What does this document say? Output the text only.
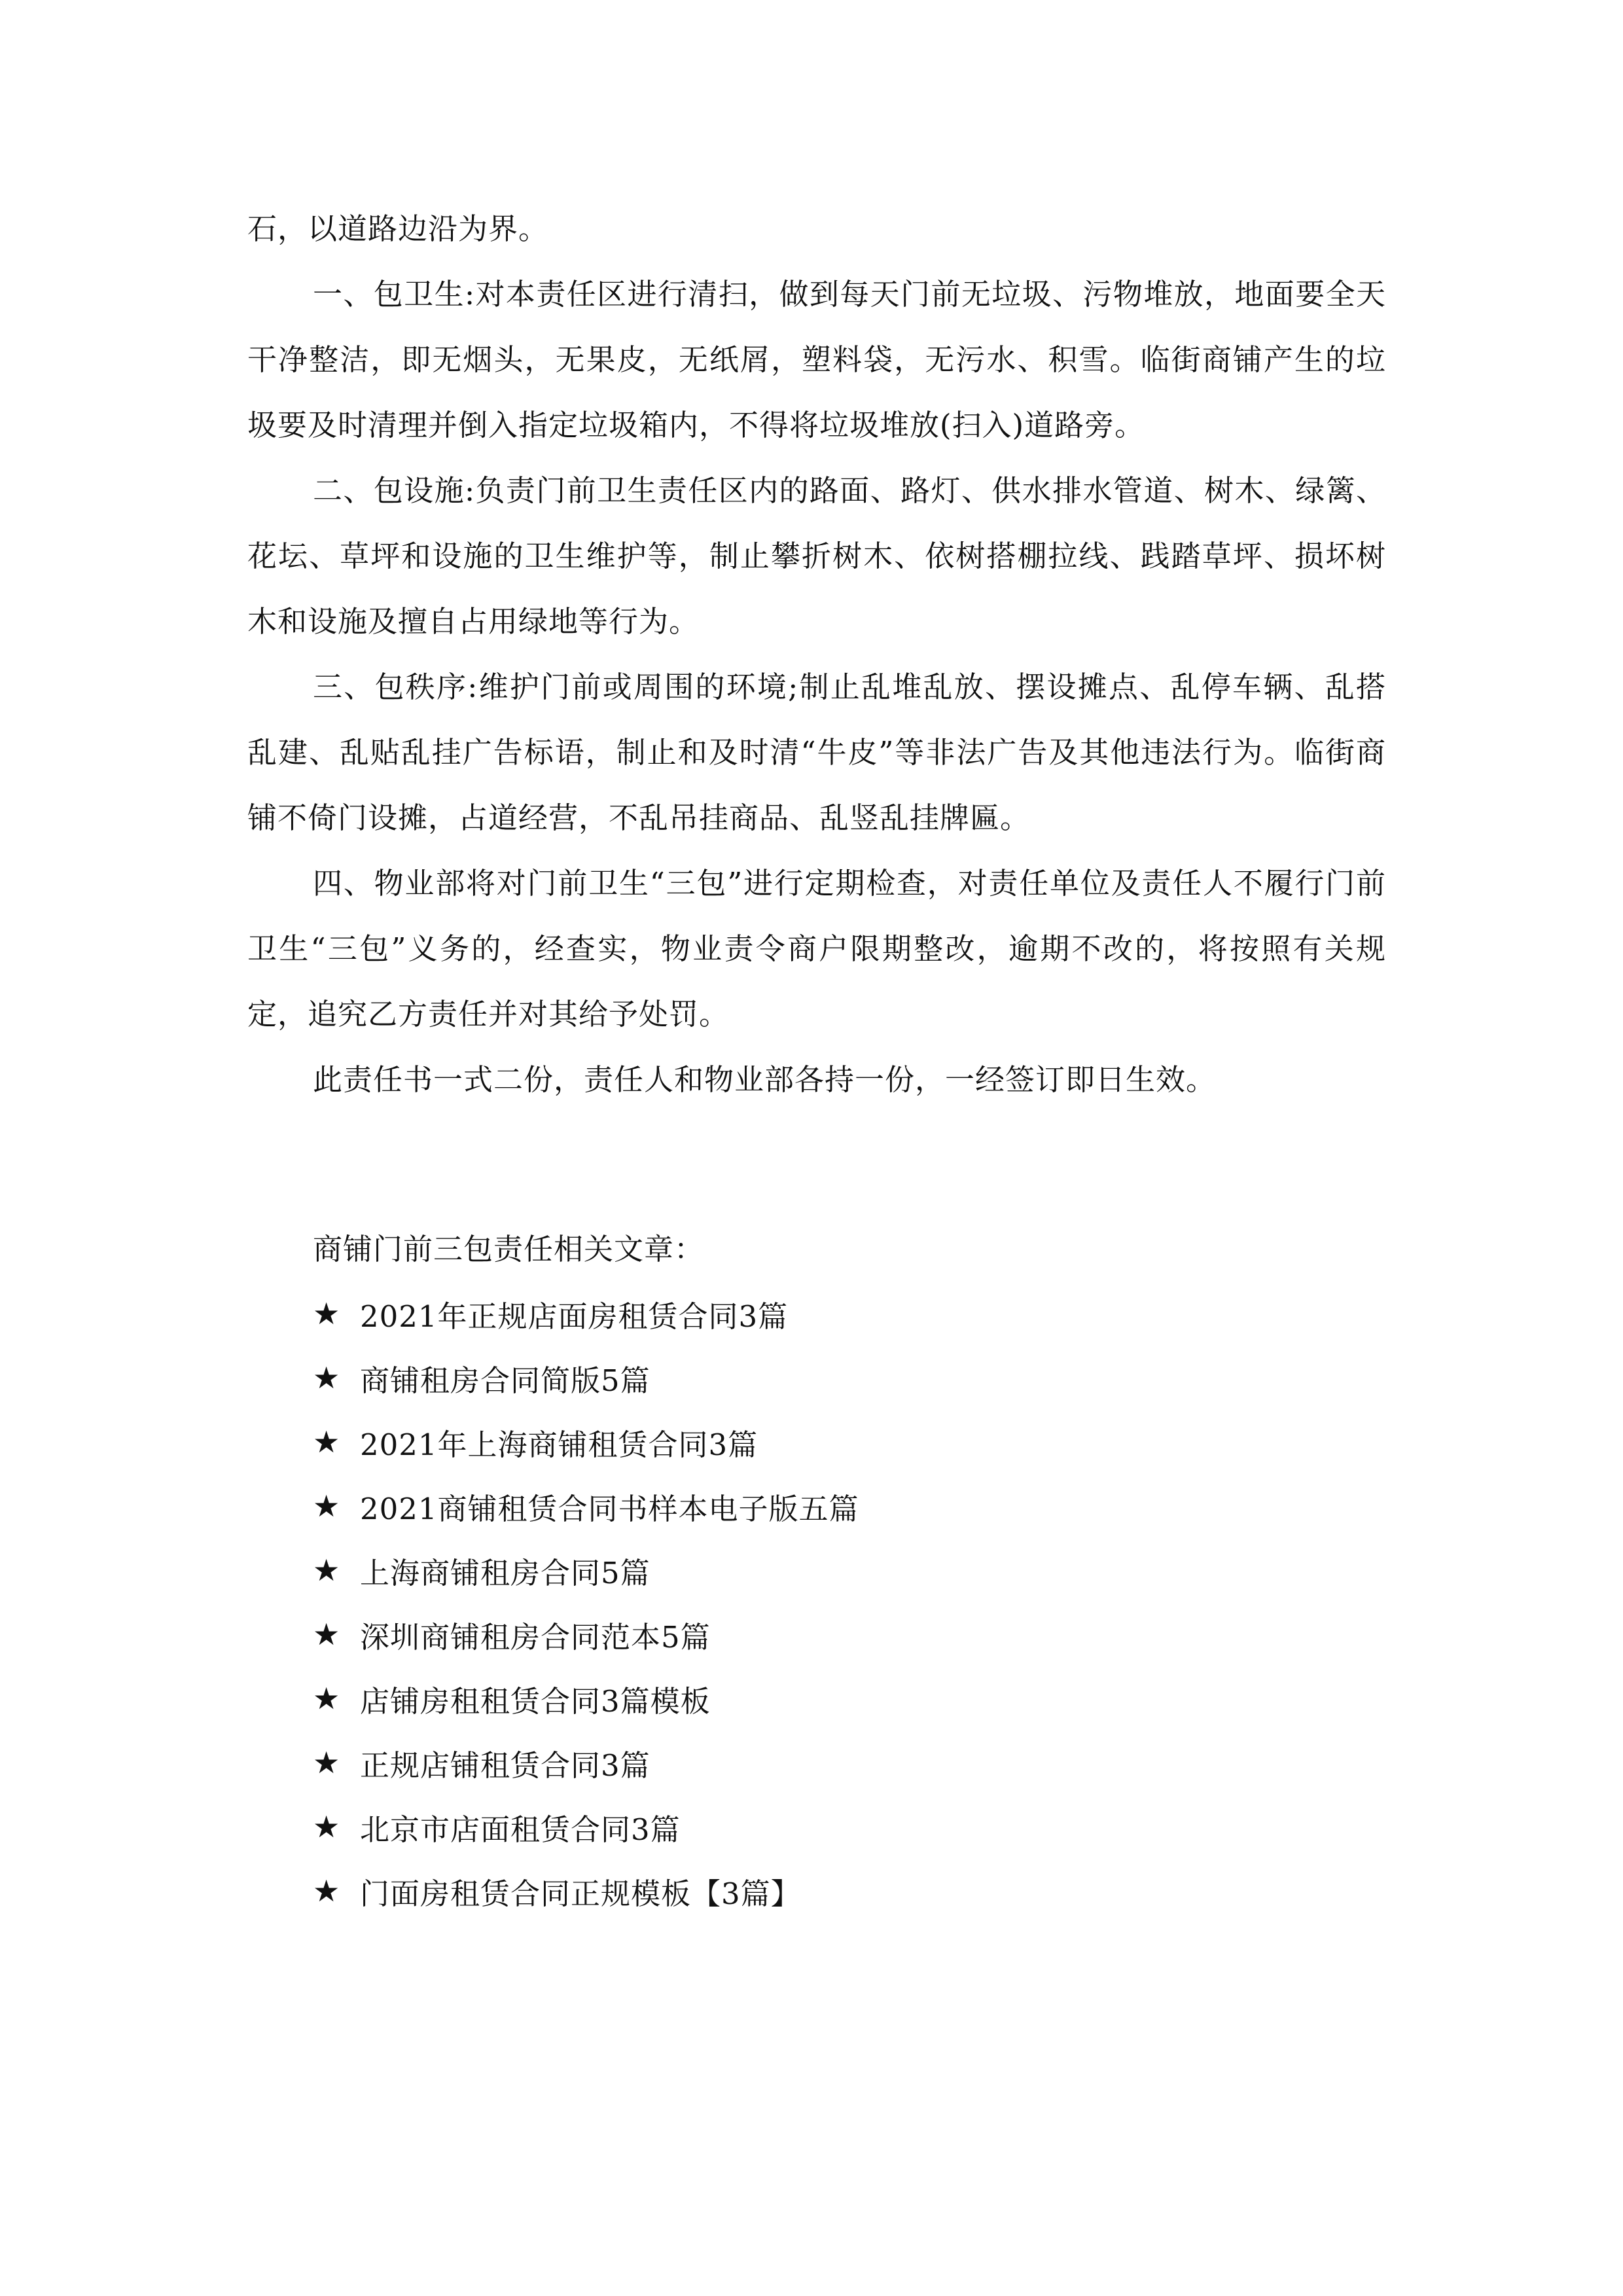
石，以道路边沿为界。

一、包卫生:对本责任区进行清扫，做到每天门前无垃圾、污物堆放，地面要全天干净整洁，即无烟头，无果皮，无纸屑，塑料袋，无污水、积雪。临街商铺产生的垃圾要及时清理并倒入指定垃圾箱内，不得将垃圾堆放(扫入)道路旁。

二、包设施:负责门前卫生责任区内的路面、路灯、供水排水管道、树木、绿篱、花坛、草坪和设施的卫生维护等，制止攀折树木、依树搭棚拉线、践踏草坪、损坏树木和设施及擅自占用绿地等行为。

三、包秩序:维护门前或周围的环境;制止乱堆乱放、摆设摊点、乱停车辆、乱搭乱建、乱贴乱挂广告标语，制止和及时清“牛皮”等非法广告及其他违法行为。临街商铺不倚门设摊，占道经营，不乱吊挂商品、乱竖乱挂牌匾。

四、物业部将对门前卫生“三包”进行定期检查，对责任单位及责任人不履行门前卫生“三包”义务的，经查实，物业责令商户限期整改，逾期不改的，将按照有关规定，追究乙方责任并对其给予处罚。

此责任书一式二份，责任人和物业部各持一份，一经签订即日生效。

商铺门前三包责任相关文章：

★ 2021年正规店面房租赁合同3篇
★ 商铺租房合同简版5篇
★ 2021年上海商铺租赁合同3篇
★ 2021商铺租赁合同书样本电子版五篇
★ 上海商铺租房合同5篇
★ 深圳商铺租房合同范本5篇
★ 店铺房租租赁合同3篇模板
★ 正规店铺租赁合同3篇
★ 北京市店面租赁合同3篇
★ 门面房租赁合同正规模板【3篇】
